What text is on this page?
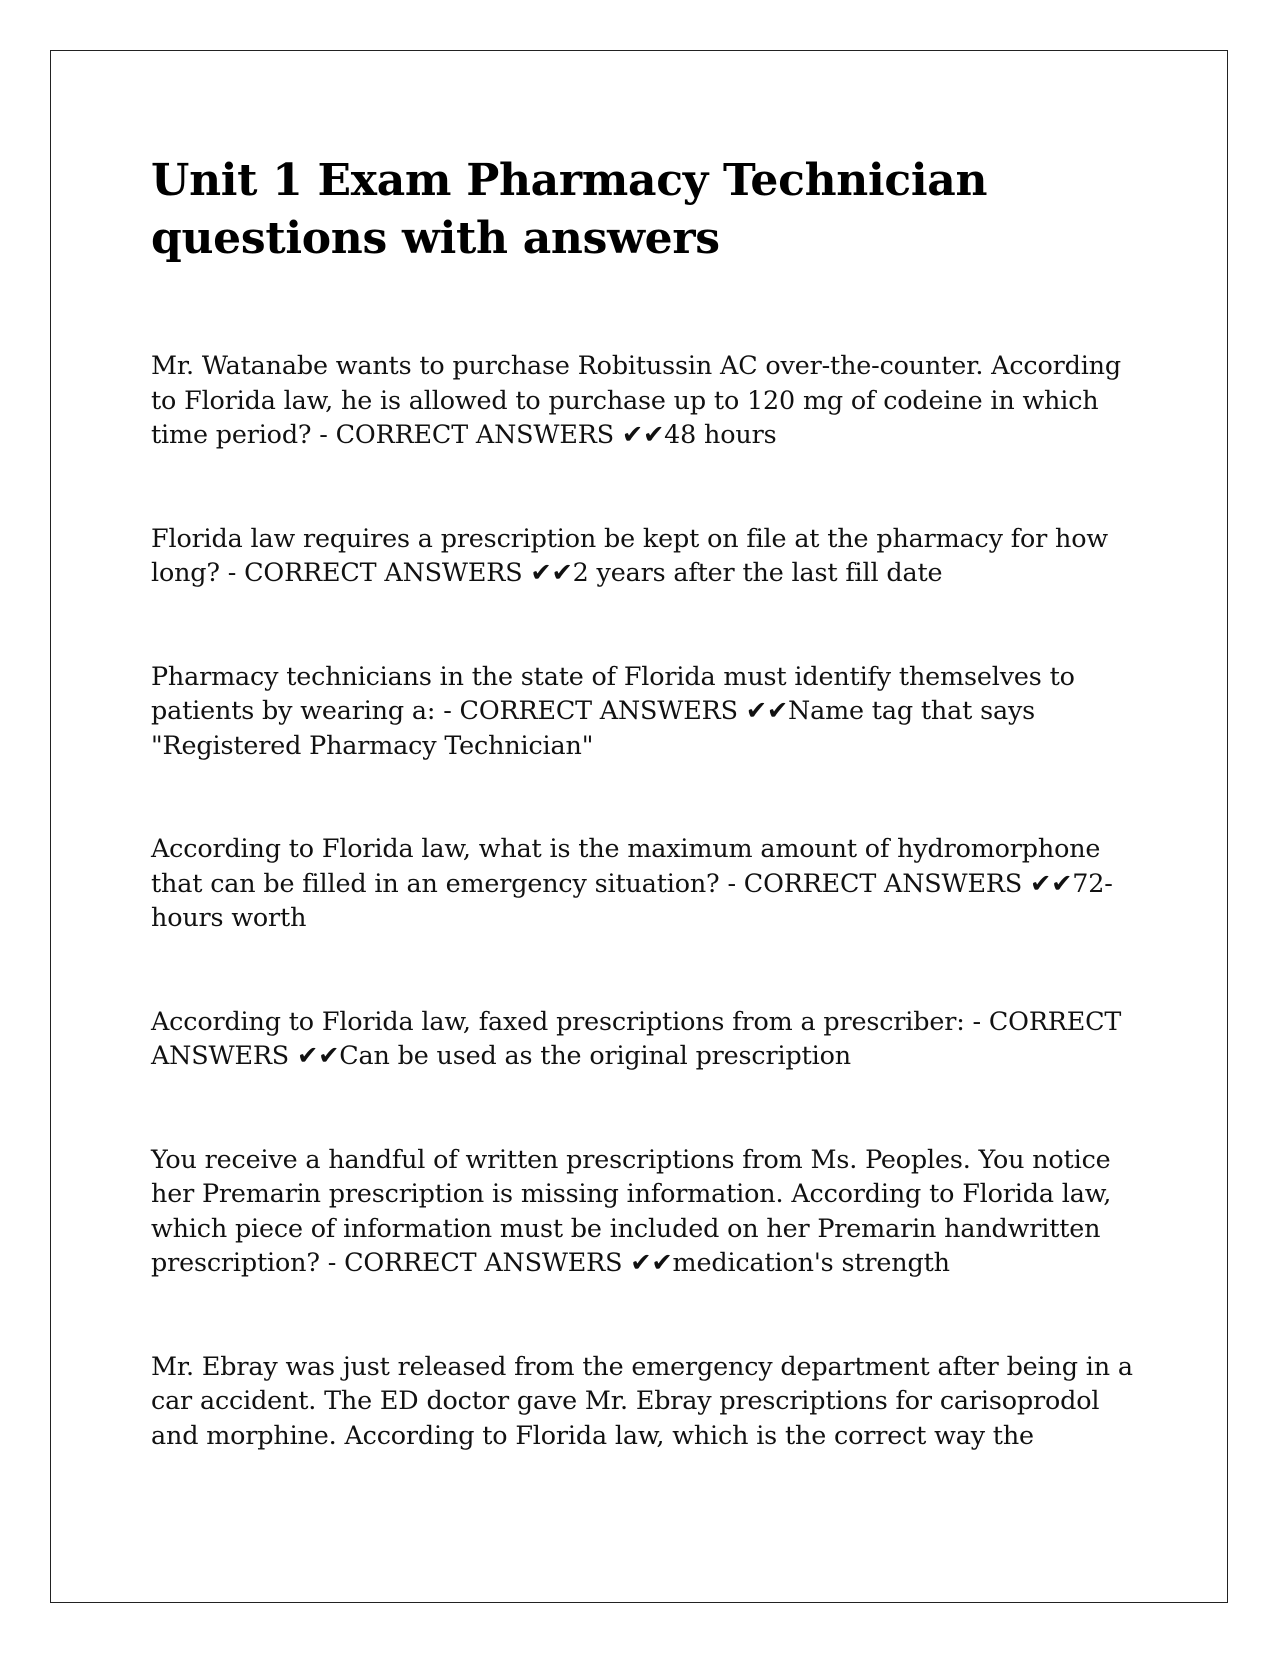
Unit 1 Exam Pharmacy Technician questions with answers

Mr. Watanabe wants to purchase Robitussin AC over-the-counter. According to Florida law, he is allowed to purchase up to 120 mg of codeine in which time period? - CORRECT ANSWERS ✔✔48 hours

Florida law requires a prescription be kept on file at the pharmacy for how long? - CORRECT ANSWERS ✔✔2 years after the last fill date

Pharmacy technicians in the state of Florida must identify themselves to patients by wearing a: - CORRECT ANSWERS ✔✔Name tag that says "Registered Pharmacy Technician"

According to Florida law, what is the maximum amount of hydromorphone that can be filled in an emergency situation? - CORRECT ANSWERS ✔✔72-hours worth

According to Florida law, faxed prescriptions from a prescriber: - CORRECT ANSWERS ✔✔Can be used as the original prescription

You receive a handful of written prescriptions from Ms. Peoples. You notice her Premarin prescription is missing information. According to Florida law, which piece of information must be included on her Premarin handwritten prescription? - CORRECT ANSWERS ✔✔medication's strength

Mr. Ebray was just released from the emergency department after being in a car accident. The ED doctor gave Mr. Ebray prescriptions for carisoprodol and morphine. According to Florida law, which is the correct way the
